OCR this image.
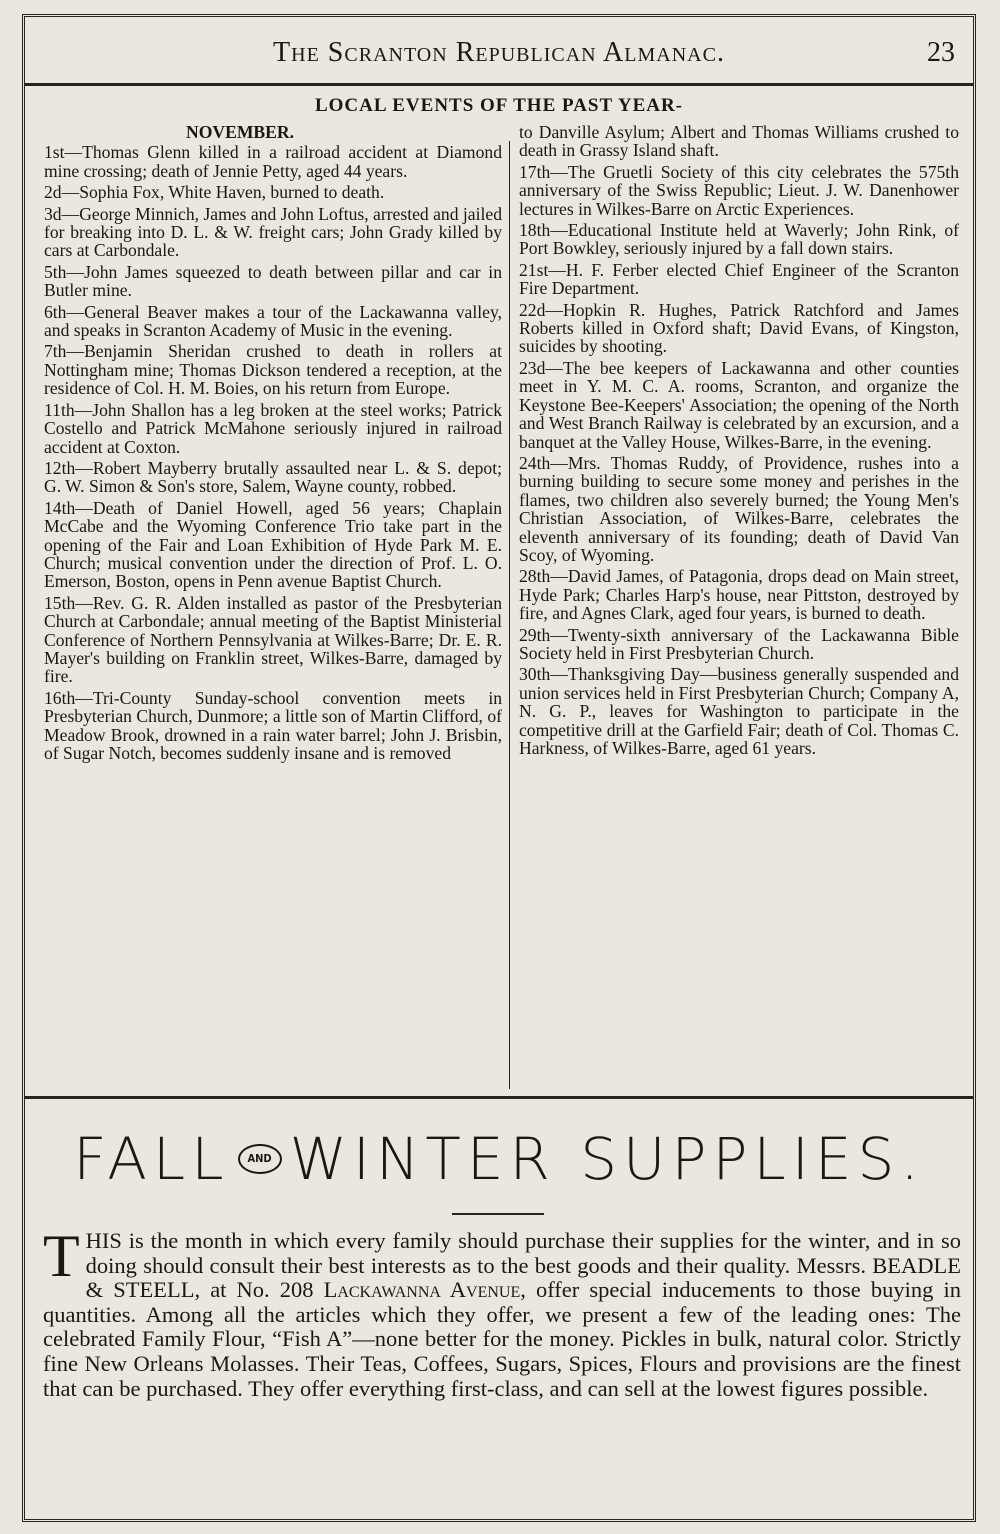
The Scranton Republican Almanac.	23
LOCAL EVENTS OF THE PAST YEAR-
NOVEMBER.

1st—Thomas Glenn killed in a railroad accident at Diamond mine crossing; death of Jennie Petty, aged 44 years.

2d—Sophia Fox, White Haven, burned to death.

3d—George Minnich, James and John Loftus, arrested and jailed for breaking into D. L. & W. freight cars; John Grady killed by cars at Carbondale.

5th—John James squeezed to death between pillar and car in Butler mine.

6th—General Beaver makes a tour of the Lackawanna valley, and speaks in Scranton Academy of Music in the evening.

7th—Benjamin Sheridan crushed to death in rollers at Nottingham mine; Thomas Dickson tendered a reception, at the residence of Col. H. M. Boies, on his return from Europe.

11th—John Shallon has a leg broken at the steel works; Patrick Costello and Patrick McMahone seriously injured in railroad accident at Coxton.

12th—Robert Mayberry brutally assaulted near L. & S. depot; G. W. Simon & Son's store, Salem, Wayne county, robbed.

14th—Death of Daniel Howell, aged 56 years; Chaplain McCabe and the Wyoming Conference Trio take part in the opening of the Fair and Loan Exhibition of Hyde Park M. E. Church; musical convention under the direction of Prof. L. O. Emerson, Boston, opens in Penn avenue Baptist Church.

15th—Rev. G. R. Alden installed as pastor of the Presbyterian Church at Carbondale; annual meeting of the Baptist Ministerial Conference of Northern Pennsylvania at Wilkes-Barre; Dr. E. R. Mayer's building on Franklin street, Wilkes-Barre, damaged by fire.

16th—Tri-County Sunday-school convention meets in Presbyterian Church, Dunmore; a little son of Martin Clifford, of Meadow Brook, drowned in a rain water barrel; John J. Brisbin, of Sugar Notch, becomes suddenly insane and is removed

to Danville Asylum; Albert and Thomas Williams crushed to death in Grassy Island shaft.

17th—The Gruetli Society of this city celebrates the 575th anniversary of the Swiss Republic; Lieut. J. W. Danenhower lectures in Wilkes-Barre on Arctic Experiences.

18th—Educational Institute held at Waverly; John Rink, of Port Bowkley, seriously injured by a fall down stairs.

21st—H. F. Ferber elected Chief Engineer of the Scranton Fire Department.

22d—Hopkin R. Hughes, Patrick Ratchford and James Roberts killed in Oxford shaft; David Evans, of Kingston, suicides by shooting.

23d—The bee keepers of Lackawanna and other counties meet in Y. M. C. A. rooms, Scranton, and organize the Keystone Bee-Keepers' Association; the opening of the North and West Branch Railway is celebrated by an excursion, and a banquet at the Valley House, Wilkes-Barre, in the evening.

24th—Mrs. Thomas Ruddy, of Providence, rushes into a burning building to secure some money and perishes in the flames, two children also severely burned; the Young Men's Christian Association, of Wilkes-Barre, celebrates the eleventh anniversary of its founding; death of David Van Scoy, of Wyoming.

28th—David James, of Patagonia, drops dead on Main street, Hyde Park; Charles Harp's house, near Pittston, destroyed by fire, and Agnes Clark, aged four years, is burned to death.

29th—Twenty-sixth anniversary of the Lackawanna Bible Society held in First Presbyterian Church.

30th—Thanksgiving Day—business generally suspended and union services held in First Presbyterian Church; Company A, N. G. P., leaves for Washington to participate in the competitive drill at the Garfield Fair; death of Col. Thomas C. Harkness, of Wilkes-Barre, aged 61 years.

FALL AND WINTER SUPPLIES.
THIS is the month in which every family should purchase their supplies for the winter, and in so doing should consult their best interests as to the best goods and their quality. Messrs. BEADLE & STEELL, at No. 208 Lackawanna Avenue, offer special inducements to those buying in quantities. Among all the articles which they offer, we present a few of the leading ones: The celebrated Family Flour, “Fish A”—none better for the money. Pickles in bulk, natural color. Strictly fine New Orleans Molasses. Their Teas, Coffees, Sugars, Spices, Flours and provisions are the finest that can be purchased. They offer everything first-class, and can sell at the lowest figures possible.
